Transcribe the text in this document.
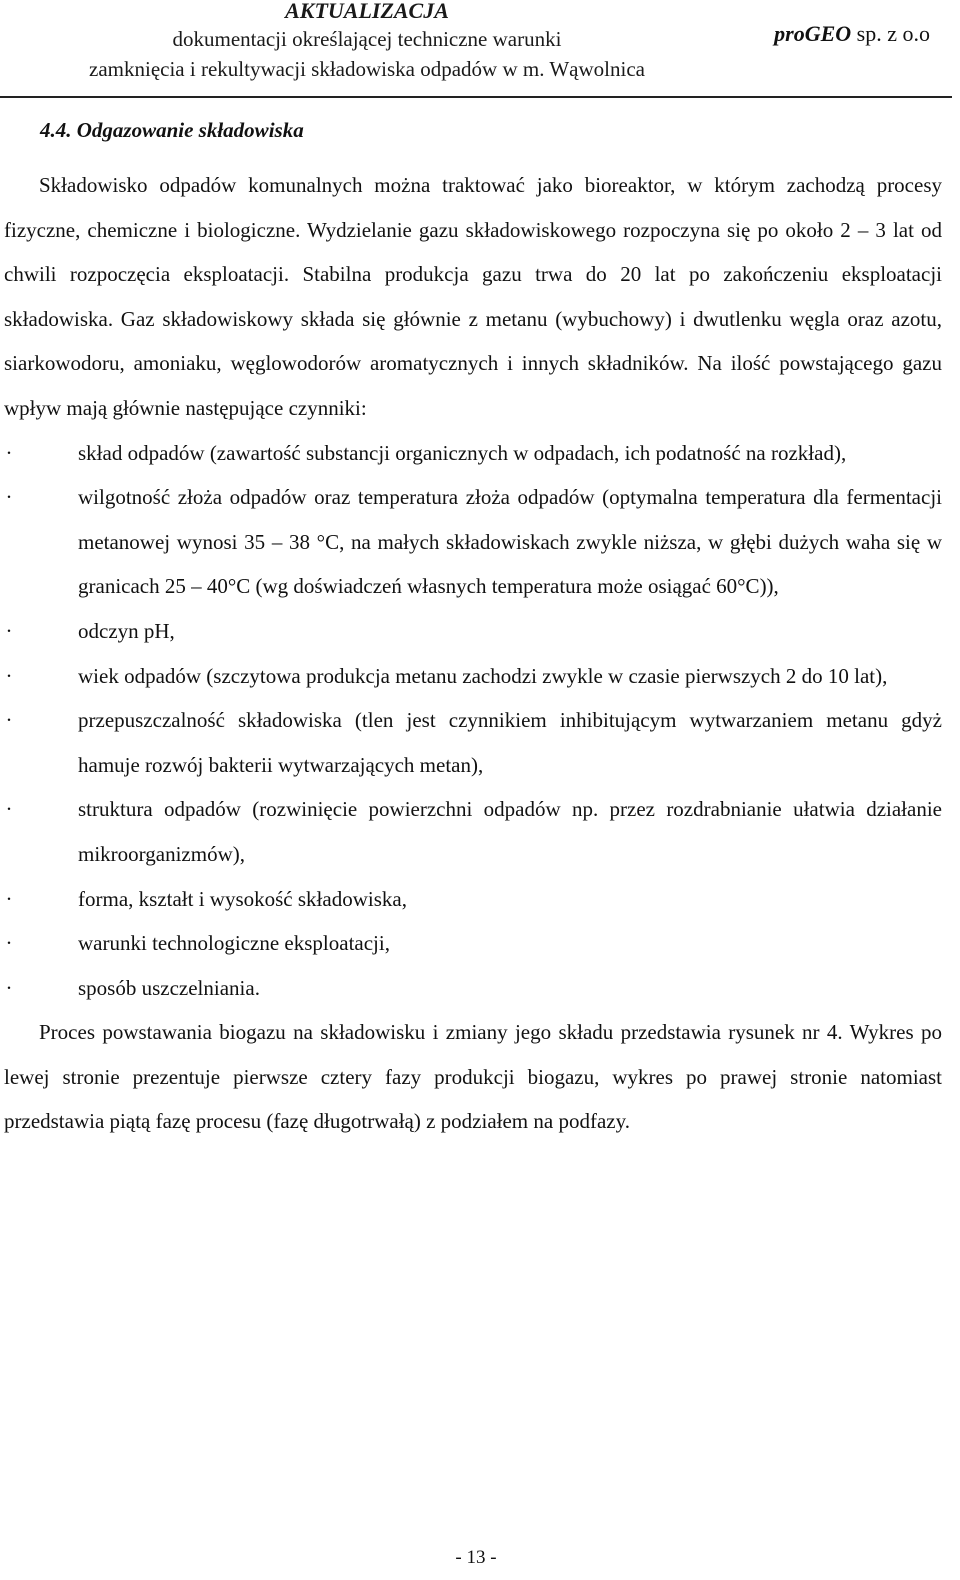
AKTUALIZACJA
dokumentacji określającej techniczne warunki
zamknięcia i rekultywacji składowiska odpadów w m. Wąwolnica
proGEO sp. z o.o
4.4. Odgazowanie składowiska

Składowisko odpadów komunalnych można traktować jako bioreaktor, w którym zachodzą procesy fizyczne, chemiczne i biologiczne. Wydzielanie gazu składowiskowego rozpoczyna się po około 2 – 3 lat od chwili rozpoczęcia eksploatacji. Stabilna produkcja gazu trwa do 20 lat po zakończeniu eksploatacji składowiska. Gaz składowiskowy składa się głównie z metanu (wybuchowy) i dwutlenku węgla oraz azotu, siarkowodoru, amoniaku, węglowodorów aromatycznych i innych składników. Na ilość powstającego gazu wpływ mają głównie następujące czynniki:

·	skład odpadów (zawartość substancji organicznych w odpadach, ich podatność na rozkład),
·	wilgotność złoża odpadów oraz temperatura złoża odpadów (optymalna temperatura dla fermentacji metanowej wynosi 35 – 38 °C, na małych składowiskach zwykle niższa, w głębi dużych waha się w granicach 25 – 40°C (wg doświadczeń własnych temperatura może osiągać 60°C)),
·	odczyn pH,
·	wiek odpadów (szczytowa produkcja metanu zachodzi zwykle w czasie pierwszych 2 do 10 lat),
·	przepuszczalność składowiska (tlen jest czynnikiem inhibitującym wytwarzaniem metanu gdyż hamuje rozwój bakterii wytwarzających metan),
·	struktura odpadów (rozwinięcie powierzchni odpadów np. przez rozdrabnianie ułatwia działanie mikroorganizmów),
·	forma, kształt i wysokość składowiska,
·	warunki technologiczne eksploatacji,
·	sposób uszczelniania.

Proces powstawania biogazu na składowisku i zmiany jego składu przedstawia rysunek nr 4. Wykres po lewej stronie prezentuje pierwsze cztery fazy produkcji biogazu, wykres po prawej stronie natomiast przedstawia piątą fazę procesu (fazę długotrwałą) z podziałem na podfazy.

- 13 -
